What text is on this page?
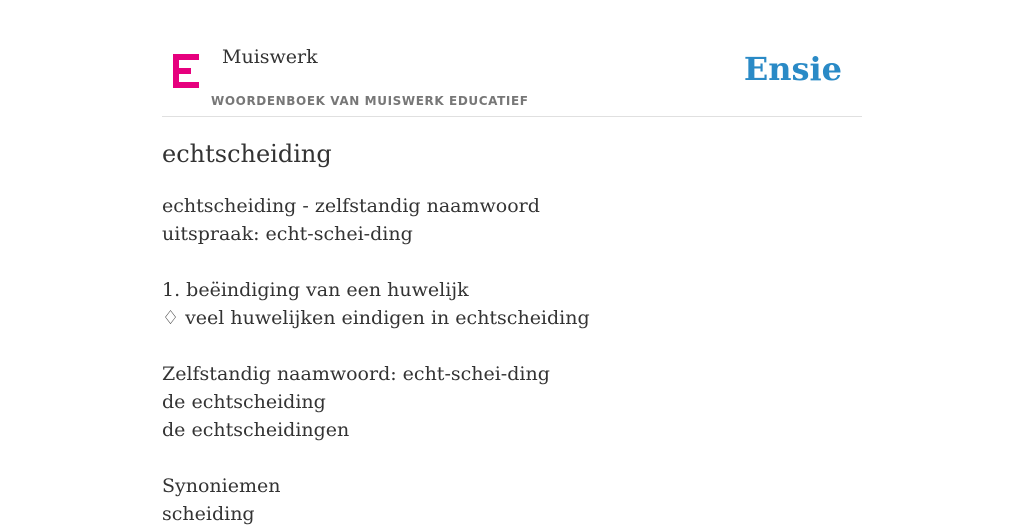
Muiswerk
WOORDENBOEK VAN MUISWERK EDUCATIEF
Ensie
echtscheiding
echtscheiding - zelfstandig naamwoord
uitspraak: echt-schei-ding
1. beëindiging van een huwelijk
♢ veel huwelijken eindigen in echtscheiding
Zelfstandig naamwoord: echt-schei-ding
de echtscheiding
de echtscheidingen
Synoniemen
scheiding
